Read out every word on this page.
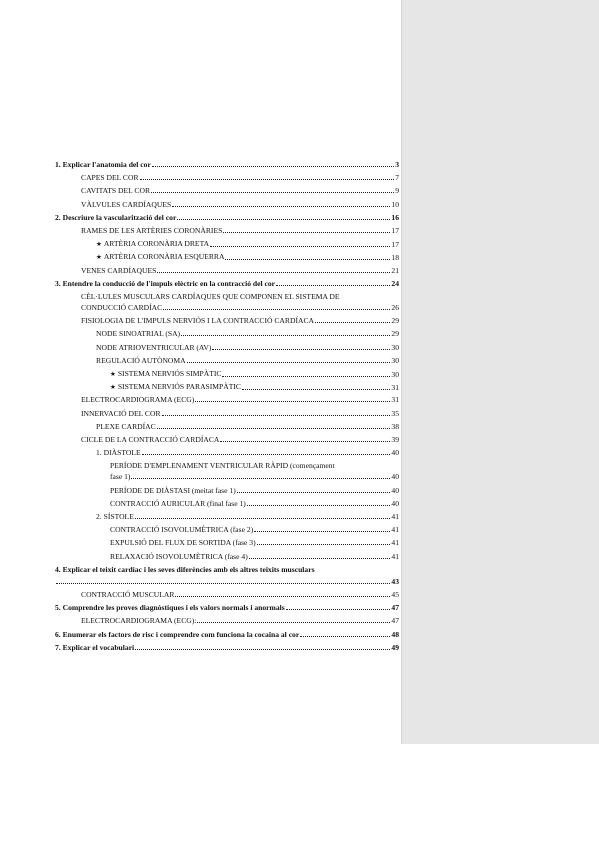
1. Explicar l'anatomia del cor	3
CAPES DEL COR	7
CAVITATS DEL COR	9
VÀLVULES CARDÍAQUES	10
2. Descriure la vascularització del cor	16
RAMES DE LES ARTÈRIES CORONÀRIES	17
★ ARTÈRIA CORONÀRIA DRETA	17
★ ARTÈRIA CORONÀRIA ESQUERRA	18
VENES CARDÍAQUES	21
3. Entendre la conducció de l'impuls elèctric en la contracció del cor	24
CÈL·LULES MUSCULARS CARDÍAQUES QUE COMPONEN EL SISTEMA DE
CONDUCCIÓ CARDÍAC	26
FISIOLOGIA DE L'IMPULS NERVIÓS I LA CONTRACCIÓ CARDÍACA	29
NODE SINOATRIAL (SA)	29
NODE ATRIOVENTRICULAR (AV)	30
REGULACIÓ AUTÒNOMA	30
★ SISTEMA NERVIÓS SIMPÀTIC	30
★ SISTEMA NERVIÓS PARASIMPÀTIC	31
ELECTROCARDIOGRAMA (ECG)	31
INNERVACIÓ DEL COR	35
PLEXE CARDÍAC	38
CICLE DE LA CONTRACCIÓ CARDÍACA	39
1. DIÀSTOLE	40
PERÍODE D'EMPLENAMENT VENTRICULAR RÀPID (començament
fase 1)	40
PERÍODE DE DIÀSTASI (meitat fase 1)	40
CONTRACCIÓ AURICULAR (final fase 1)	40
2. SÍSTOLE	41
CONTRACCIÓ ISOVOLUMÈTRICA (fase 2)	41
EXPULSIÓ DEL FLUX DE SORTIDA (fase 3)	41
RELAXACIÓ ISOVOLUMÈTRICA (fase 4)	41
4. Explicar el teixit cardíac i les seves diferències amb els altres teixits musculars
43
CONTRACCIÓ MUSCULAR	45
5. Comprendre les proves diagnòstiques i els valors normals i anormals	47
ELECTROCARDIOGRAMA (ECG):	47
6. Enumerar els factors de risc i comprendre com funciona la cocaïna al cor	48
7. Explicar el vocabulari	49
